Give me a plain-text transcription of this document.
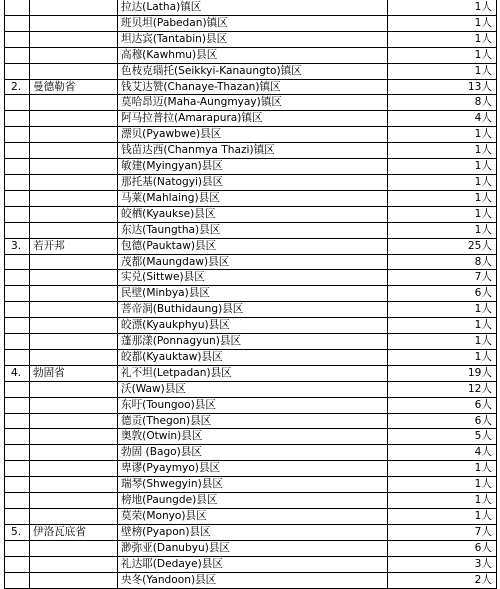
		拉达(Latha)镇区	1人
		班贝坦(Pabedan)镇区	1人
		坦达宾(Tantabin)县区	1人
		高穆(Kawhmu)县区	1人
		色枝克瑙托(Seikkyi-Kanaungto)镇区	1人
2.	曼德勒省	钱艾达赞(Chanaye-Thazan)镇区	13人
		莫哈昂迈(Maha-Aungmyay)镇区	8人
		阿马拉普拉(Amarapura)镇区	4人
		漂贝(Pyawbwe)县区	1人
		钱苗达西(Chanmya Thazi)镇区	1人
		敏建(Myingyan)县区	1人
		那托基(Natogyi)县区	1人
		马莱(Mahlaing)县区	1人
		皎栖(Kyaukse)县区	1人
		东达(Taungtha)县区	1人
3.	若开邦	包德(Pauktaw)县区	25人
		茂都(Maungdaw)县区	8人
		实兑(Sittwe)县区	7人
		民壁(Minbya)县区	6人
		菩帝洞(Buthidaung)县区	1人
		皎漂(Kyaukphyu)县区	1人
		蓬那漾(Ponnagyun)县区	1人
		皎都(Kyauktaw)县区	1人
4.	勃固省	礼不坦(Letpadan)县区	19人
		沃(Waw)县区	12人
		东吁(Toungoo)县区	6人
		德贡(Thegon)县区	6人
		奥敦(Otwin)县区	5人
		勃固 (Bago)县区	4人
		卑谬(Pyaymyo)县区	1人
		瑞琴(Shwegyin)县区	1人
		榜地(Paungde)县区	1人
		莫荣(Monyo)县区	1人
5.	伊洛瓦底省	壁榜(Pyapon)县区	7人
		渺弥亚(Danubyu)县区	6人
		礼达耶(Dedaye)县区	3人
		央冬(Yandoon)县区	2人
